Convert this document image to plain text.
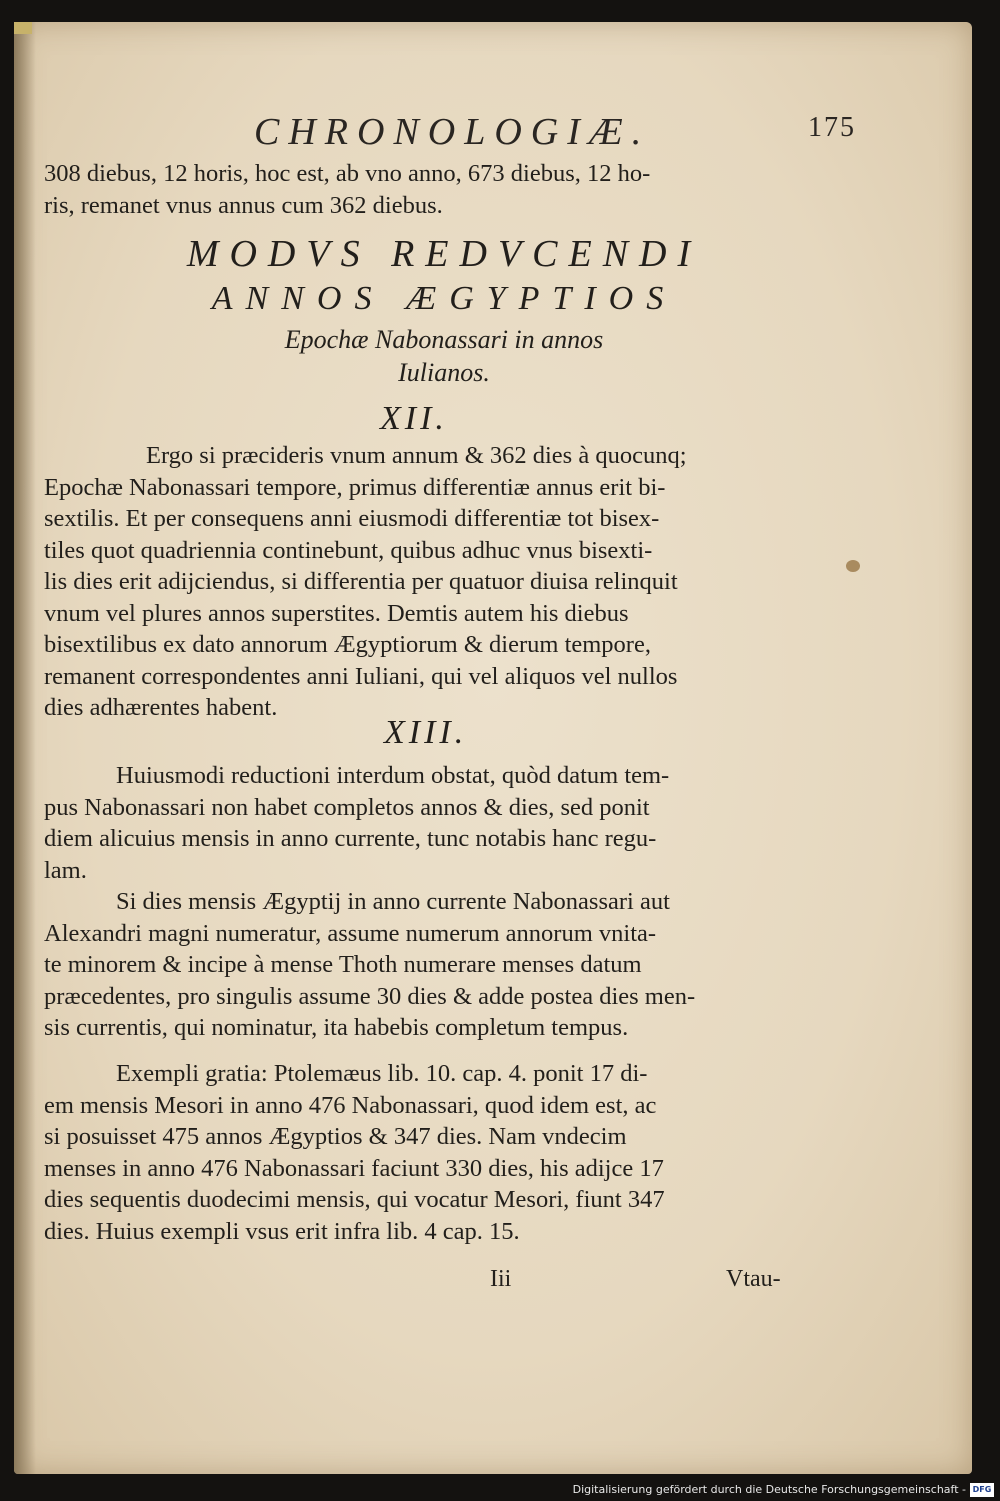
CHRONOLOGIÆ.	175
308 diebus, 12 horis, hoc est, ab vno anno, 673 diebus, 12 ho-
ris, remanet vnus annus cum 362 diebus.
MODVS REDVCENDI
ANNOS ÆGYPTIOS
Epochæ Nabonassari in annos
Iulianos.
XII.
Ergo si præcideris vnum annum & 362 dies à quocunq;
Epochæ Nabonassari tempore, primus differentiæ annus erit bi-
sextilis. Et per consequens anni eiusmodi differentiæ tot bisex-
tiles quot quadriennia continebunt, quibus adhuc vnus bisexti-
lis dies erit adijciendus, si differentia per quatuor diuisa relinquit
vnum vel plures annos superstites. Demtis autem his diebus
bisextilibus ex dato annorum Ægyptiorum & dierum tempore,
remanent correspondentes anni Iuliani, qui vel aliquos vel nullos
dies adhærentes habent.
XIII.
Huiusmodi reductioni interdum obstat, quòd datum tem-
pus Nabonassari non habet completos annos & dies, sed ponit
diem alicuius mensis in anno currente, tunc notabis hanc regu-
lam.
Si dies mensis Ægyptij in anno currente Nabonassari aut
Alexandri magni numeratur, assume numerum annorum vnita-
te minorem & incipe à mense Thoth numerare menses datum
præcedentes, pro singulis assume 30 dies & adde postea dies men-
sis currentis, qui nominatur, ita habebis completum tempus.
Exempli gratia: Ptolemæus lib. 10. cap. 4. ponit 17 di-
em mensis Mesori in anno 476 Nabonassari, quod idem est, ac
si posuisset 475 annos Ægyptios & 347 dies. Nam vndecim
menses in anno 476 Nabonassari faciunt 330 dies, his adijce 17
dies sequentis duodecimi mensis, qui vocatur Mesori, fiunt 347
dies. Huius exempli vsus erit infra lib. 4 cap. 15.
Iii	Vtau-
Digitalisierung gefördert durch die Deutsche Forschungsgemeinschaft - DFG
